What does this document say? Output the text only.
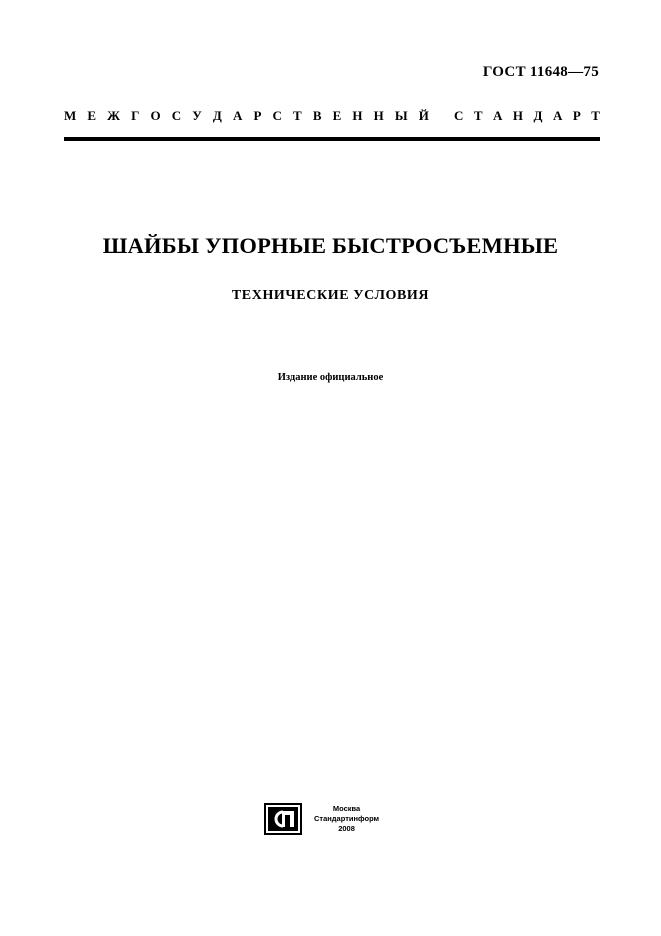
ГОСТ 11648—75
М Е Ж Г О С У Д А Р С Т В Е Н Н Ы Й С Т А Н Д А Р Т
ШАЙБЫ УПОРНЫЕ БЫСТРОСЪЕМНЫЕ
ТЕХНИЧЕСКИЕ УСЛОВИЯ
Издание официальное
Москва
Стандартинформ
2008
